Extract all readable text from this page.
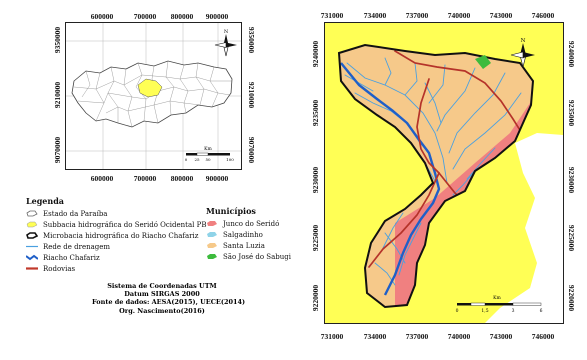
N
Km
0 25 50	100
600000	700000 800000 900000
600000	700000 800000 900000
9350000
9210000
9070000
9350000
9210000
9070000
Legenda
Estado da Paraíba
Subbacia hidrográfica do Seridó Ocidental PB
Microbacia hidrográfica do Riacho Chafariz
Rede de drenagem
Riacho Chafariz
Rodovias
Municípios
Junco do Seridó
Salgadinho
Santa Luzia
São José do Sabugi
Sistema de Coordenadas UTM
Datum SIRGAS 2000
Fonte de dados: AESA(2015), UECE(2014)
Org. Nascimento(2016)
N
Km
0	1,5	3	6
731000	734000	737000	740000	743000	746000
731000	734000	737000	740000	743000	746000
9240000
9235000
9230000
9225000
9220000
9240000
9235000
9230000
9225000
9220000
